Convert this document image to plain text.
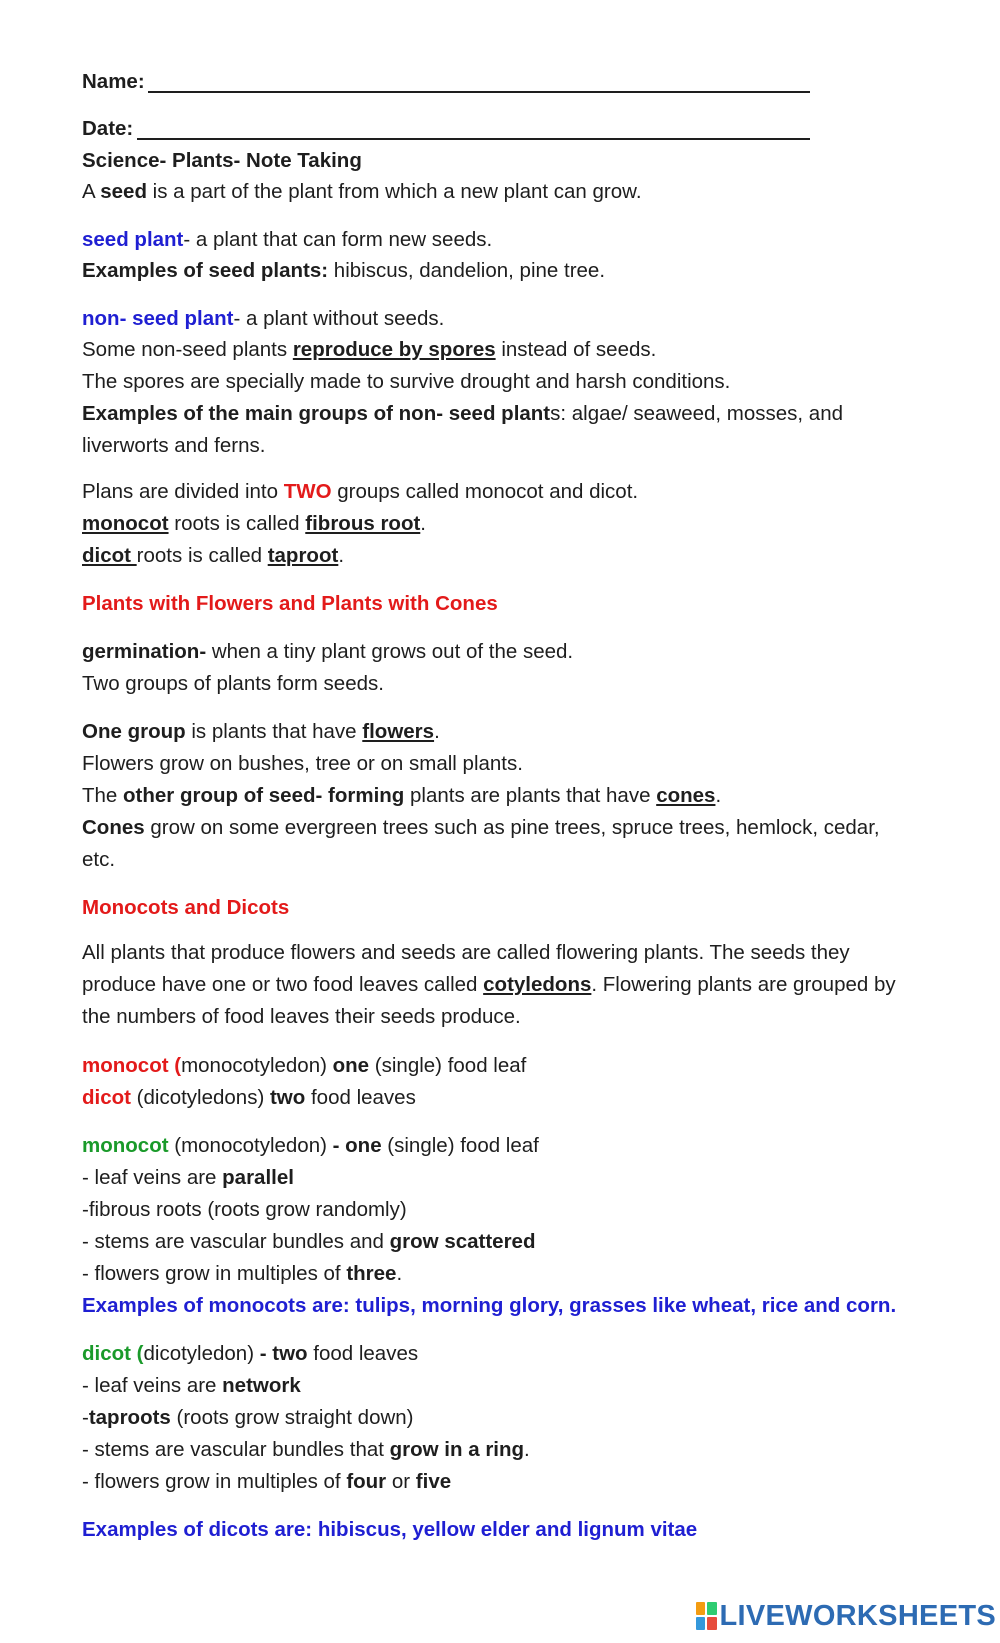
Name:
Date:
Science- Plants- Note Taking
A seed is a part of the plant from which a new plant can grow.
seed plant- a plant that can form new seeds.
Examples of seed plants: hibiscus, dandelion, pine tree.
non- seed plant- a plant without seeds.
Some non-seed plants reproduce by spores instead of seeds.
The spores are specially made to survive drought and harsh conditions.
Examples of the main groups of non- seed plants: algae/ seaweed, mosses, and liverworts and ferns.
Plans are divided into TWO groups called monocot and dicot.
monocot roots is called fibrous root.
dicot roots is called taproot.
Plants with Flowers and Plants with Cones
germination- when a tiny plant grows out of the seed.
Two groups of plants form seeds.
One group is plants that have flowers.
Flowers grow on bushes, tree or on small plants.
The other group of seed- forming plants are plants that have cones.
Cones grow on some evergreen trees such as pine trees, spruce trees, hemlock, cedar, etc.
Monocots and Dicots
All plants that produce flowers and seeds are called flowering plants. The seeds they produce have one or two food leaves called cotyledons. Flowering plants are grouped by the numbers of food leaves their seeds produce.
monocot (monocotyledon) one (single) food leaf
dicot (dicotyledons) two food leaves
monocot (monocotyledon) - one (single) food leaf
- leaf veins are parallel
-fibrous roots (roots grow randomly)
- stems are vascular bundles and grow scattered
- flowers grow in multiples of three.
Examples of monocots are: tulips, morning glory, grasses like wheat, rice and corn.
dicot (dicotyledon) - two food leaves
- leaf veins are network
-taproots (roots grow straight down)
- stems are vascular bundles that grow in a ring.
- flowers grow in multiples of four or five
Examples of dicots are: hibiscus, yellow elder and lignum vitae
LIVEWORKSHEETS
